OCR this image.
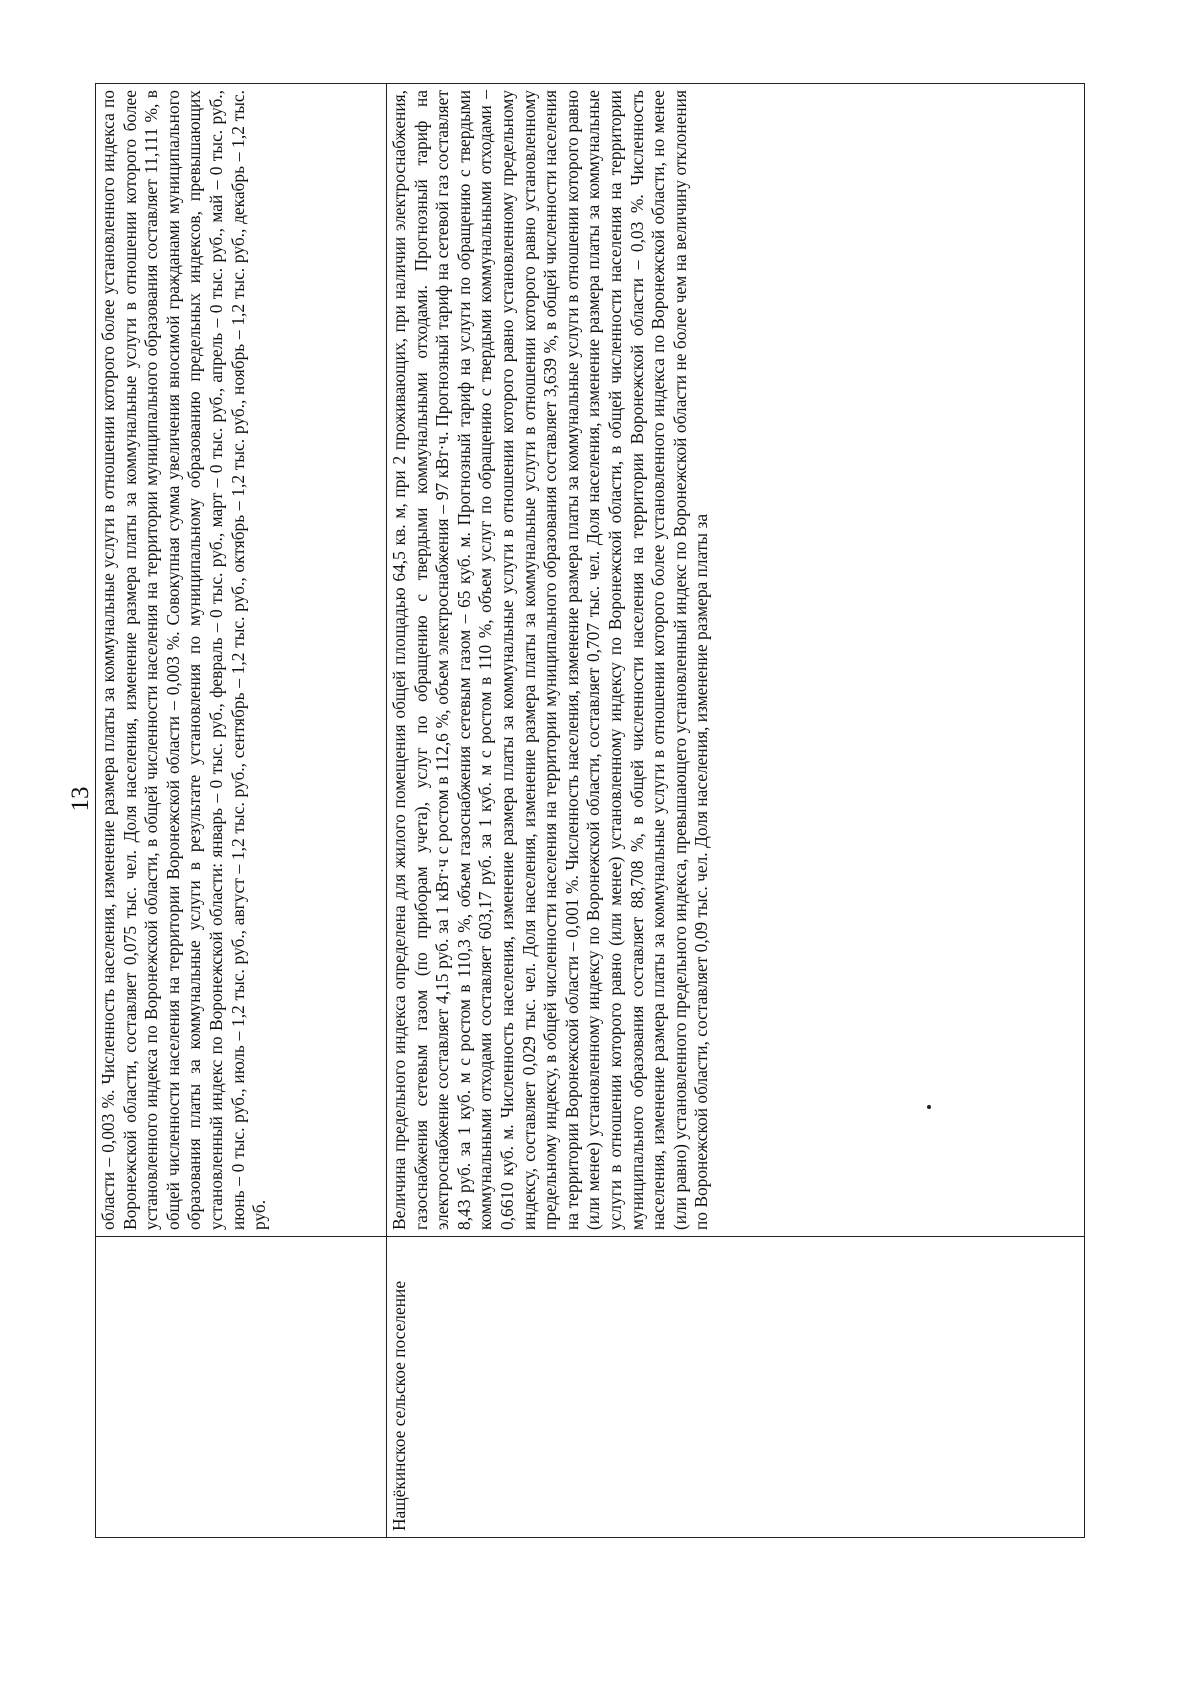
13
	области – 0,003 %. Численность населения, изменение размера платы за коммунальные услуги в отношении которого более установленного индекса по Воронежской области, составляет 0,075 тыс. чел. Доля населения, изменение размера платы за коммунальные услуги в отношении которого более установленного индекса по Воронежской области, в общей численности населения на территории муниципального образования составляет 11,111 %, в общей численности населения на территории Воронежской области – 0,003 %. Совокупная сумма увеличения вносимой гражданами муниципального образования платы за коммунальные услуги в результате установления по муниципальному образованию предельных индексов, превышающих установленный индекс по Воронежской области: январь – 0 тыс. руб., февраль – 0 тыс. руб., март – 0 тыс. руб., апрель – 0 тыс. руб., май – 0 тыс. руб., июнь – 0 тыс. руб., июль – 1,2 тыс. руб., август – 1,2 тыс. руб., сентябрь – 1,2 тыс. руб., октябрь – 1,2 тыс. руб., ноябрь – 1,2 тыс. руб., декабрь – 1,2 тыс. руб.
Нащёкинское сельское поселение	Величина предельного индекса определена для жилого помещения общей площадью 64,5 кв. м, при 2 проживающих, при наличии электроснабжения, газоснабжения сетевым газом (по приборам учета), услуг по обращению с твердыми коммунальными отходами. Прогнозный тариф на электроснабжение составляет 4,15 руб. за 1 кВт·ч с ростом в 112,6 %, объем электроснабжения – 97 кВт·ч. Прогнозный тариф на сетевой газ составляет 8,43 руб. за 1 куб. м с ростом в 110,3 %, объем газоснабжения сетевым газом – 65 куб. м. Прогнозный тариф на услуги по обращению с твердыми коммунальными отходами составляет 603,17 руб. за 1 куб. м с ростом в 110 %, объем услуг по обращению с твердыми коммунальными отходами – 0,6610 куб. м. Численность населения, изменение размера платы за коммунальные услуги в отношении которого равно установленному предельному индексу, составляет 0,029 тыс. чел. Доля населения, изменение размера платы за коммунальные услуги в отношении которого равно установленному предельному индексу, в общей численности населения на территории муниципального образования составляет 3,639 %, в общей численности населения на территории Воронежской области – 0,001 %. Численность населения, изменение размера платы за коммунальные услуги в отношении которого равно (или менее) установленному индексу по Воронежской области, составляет 0,707 тыс. чел. Доля населения, изменение размера платы за коммунальные услуги в отношении которого равно (или менее) установленному индексу по Воронежской области, в общей численности населения на территории муниципального образования составляет 88,708 %, в общей численности населения на территории Воронежской области – 0,03 %. Численность населения, изменение размера платы за коммунальные услуги в отношении которого более установленного индекса по Воронежской области, но менее (или равно) установленного предельного индекса, превышающего установленный индекс по Воронежской области не более чем на величину отклонения по Воронежской области, составляет 0,09 тыс. чел. Доля населения, изменение размера платы за
